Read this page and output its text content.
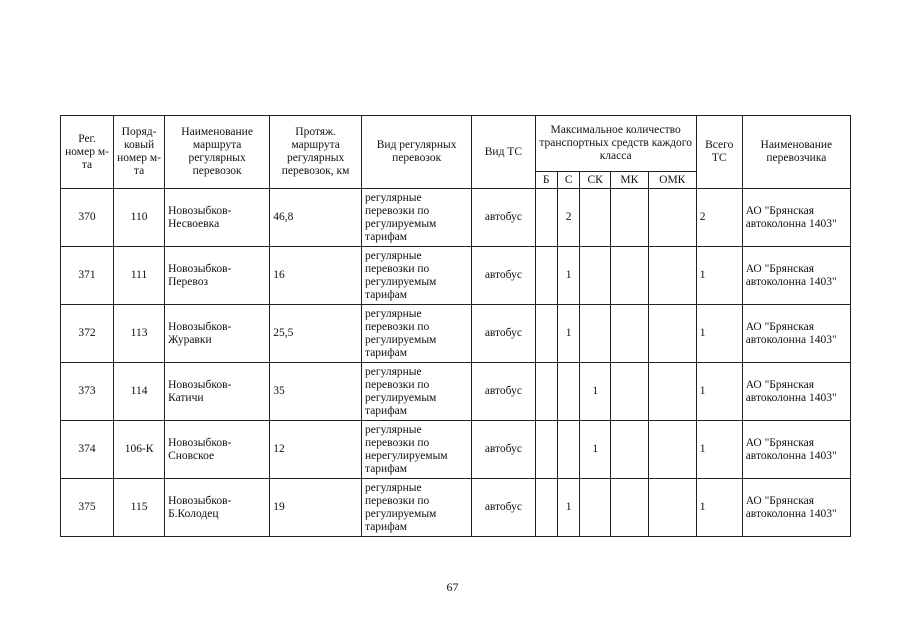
Рег. номер м-та	Поряд-ковый номер м-та	Наименование маршрута регулярных перевозок	Протяж. маршрута регулярных перевозок, км	Вид регулярных перевозок	Вид ТС	Максимальное количество транспортных средств каждого класса					Всего ТС	Наименование перевозчика
						Б	С	СК	МК	ОМК		
370	110	Новозыбков-Несвоевка	46,8	регулярные перевозки по регулируемым тарифам	автобус		2				2	АО "Брянская автоколонна 1403"
371	111	Новозыбков-Перевоз	16	регулярные перевозки по регулируемым тарифам	автобус		1				1	АО "Брянская автоколонна 1403"
372	113	Новозыбков-Журавки	25,5	регулярные перевозки по регулируемым тарифам	автобус		1				1	АО "Брянская автоколонна 1403"
373	114	Новозыбков-Катичи	35	регулярные перевозки по регулируемым тарифам	автобус			1			1	АО "Брянская автоколонна 1403"
374	106-К	Новозыбков-Сновское	12	регулярные перевозки по нерегулируемым тарифам	автобус			1			1	АО "Брянская автоколонна 1403"
375	115	Новозыбков-Б.Колодец	19	регулярные перевозки по регулируемым тарифам	автобус		1				1	АО "Брянская автоколонна 1403"
67
